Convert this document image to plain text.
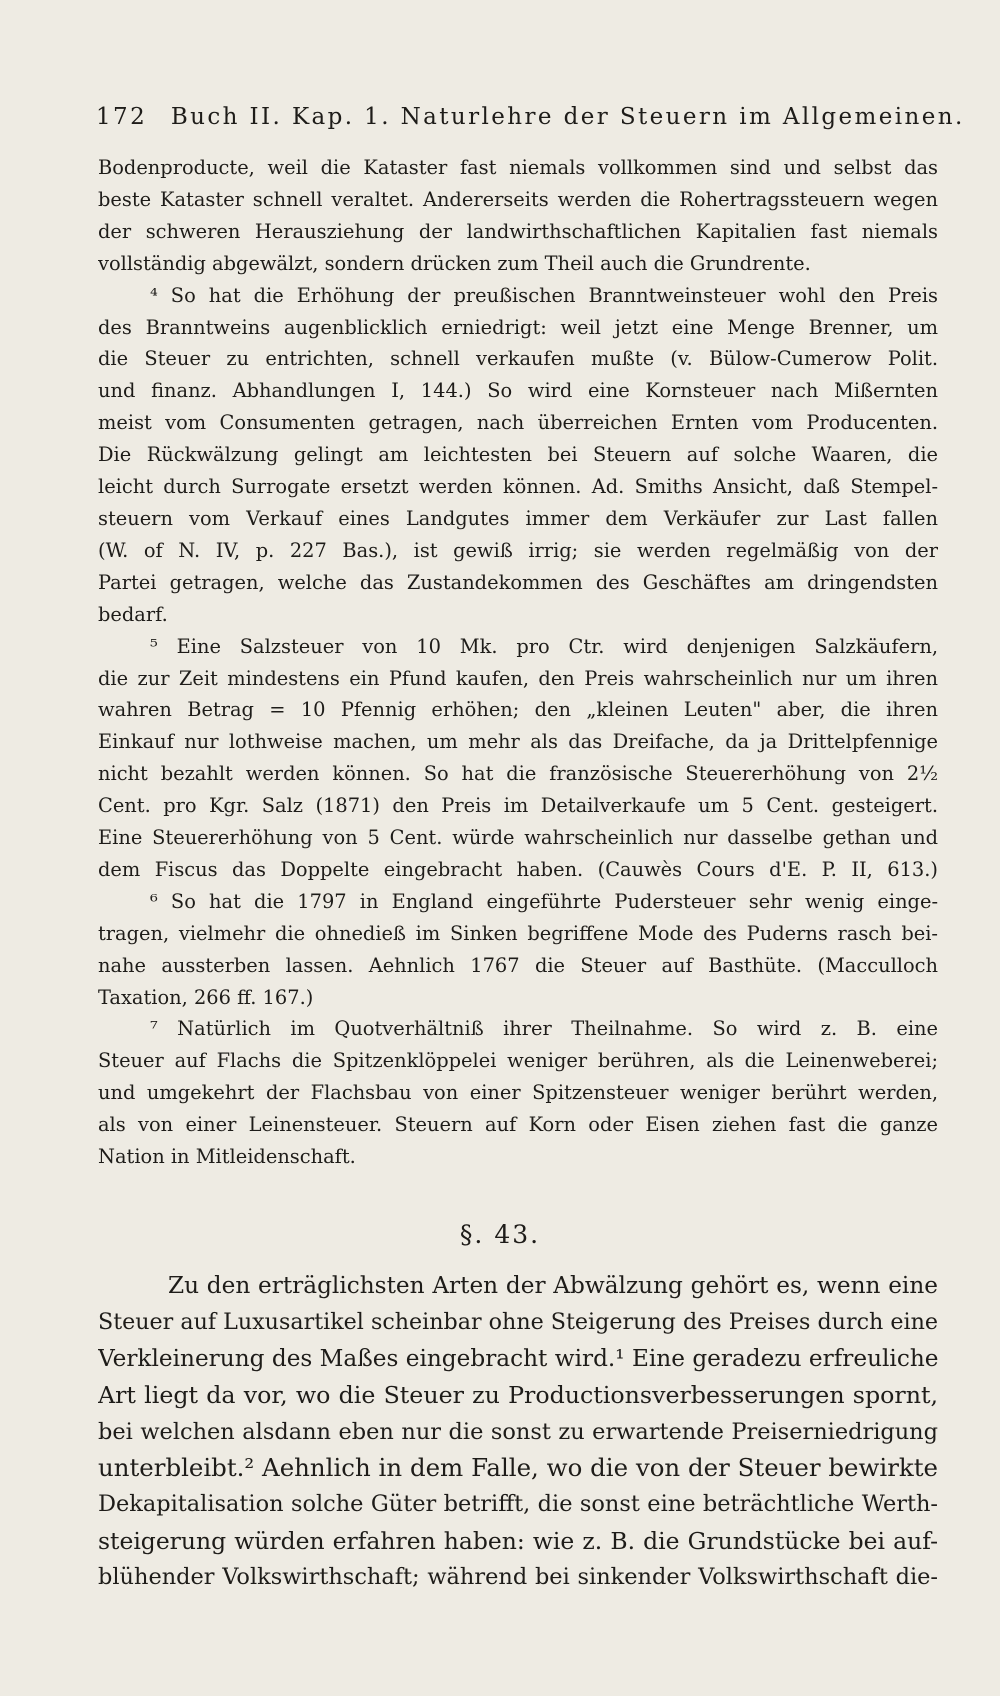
172 Buch II. Kap. 1. Naturlehre der Steuern im Allgemeinen.
Bodenproducte, weil die Kataster fast niemals vollkommen sind und selbst das
beste Kataster schnell veraltet. Andererseits werden die Rohertragssteuern wegen
der schweren Herausziehung der landwirthschaftlichen Kapitalien fast niemals
vollständig abgewälzt, sondern drücken zum Theil auch die Grundrente.
⁴ So hat die Erhöhung der preußischen Branntweinsteuer wohl den Preis
des Branntweins augenblicklich erniedrigt: weil jetzt eine Menge Brenner, um
die Steuer zu entrichten, schnell verkaufen mußte (v. Bülow-Cumerow Polit.
und finanz. Abhandlungen I, 144.) So wird eine Kornsteuer nach Mißernten
meist vom Consumenten getragen, nach überreichen Ernten vom Producenten.
Die Rückwälzung gelingt am leichtesten bei Steuern auf solche Waaren, die
leicht durch Surrogate ersetzt werden können. Ad. Smiths Ansicht, daß Stempel-
steuern vom Verkauf eines Landgutes immer dem Verkäufer zur Last fallen
(W. of N. IV, p. 227 Bas.), ist gewiß irrig; sie werden regelmäßig von der
Partei getragen, welche das Zustandekommen des Geschäftes am dringendsten
bedarf.
⁵ Eine Salzsteuer von 10 Mk. pro Ctr. wird denjenigen Salzkäufern,
die zur Zeit mindestens ein Pfund kaufen, den Preis wahrscheinlich nur um ihren
wahren Betrag = 10 Pfennig erhöhen; den „kleinen Leuten" aber, die ihren
Einkauf nur lothweise machen, um mehr als das Dreifache, da ja Drittelpfennige
nicht bezahlt werden können. So hat die französische Steuererhöhung von 2½
Cent. pro Kgr. Salz (1871) den Preis im Detailverkaufe um 5 Cent. gesteigert.
Eine Steuererhöhung von 5 Cent. würde wahrscheinlich nur dasselbe gethan und
dem Fiscus das Doppelte eingebracht haben. (Cauwès Cours d'E. P. II, 613.)
⁶ So hat die 1797 in England eingeführte Pudersteuer sehr wenig einge-
tragen, vielmehr die ohnedieß im Sinken begriffene Mode des Puderns rasch bei-
nahe aussterben lassen. Aehnlich 1767 die Steuer auf Basthüte. (Macculloch
Taxation, 266 ff. 167.)
⁷ Natürlich im Quotverhältniß ihrer Theilnahme. So wird z. B. eine
Steuer auf Flachs die Spitzenklöppelei weniger berühren, als die Leinenweberei;
und umgekehrt der Flachsbau von einer Spitzensteuer weniger berührt werden,
als von einer Leinensteuer. Steuern auf Korn oder Eisen ziehen fast die ganze
Nation in Mitleidenschaft.
§. 43.
Zu den erträglichsten Arten der Abwälzung gehört es, wenn eine
Steuer auf Luxusartikel scheinbar ohne Steigerung des Preises durch eine
Verkleinerung des Maßes eingebracht wird.¹ Eine geradezu erfreuliche
Art liegt da vor, wo die Steuer zu Productionsverbesserungen spornt,
bei welchen alsdann eben nur die sonst zu erwartende Preiserniedrigung
unterbleibt.² Aehnlich in dem Falle, wo die von der Steuer bewirkte
Dekapitalisation solche Güter betrifft, die sonst eine beträchtliche Werth-
steigerung würden erfahren haben: wie z. B. die Grundstücke bei auf-
blühender Volkswirthschaft; während bei sinkender Volkswirthschaft die-
